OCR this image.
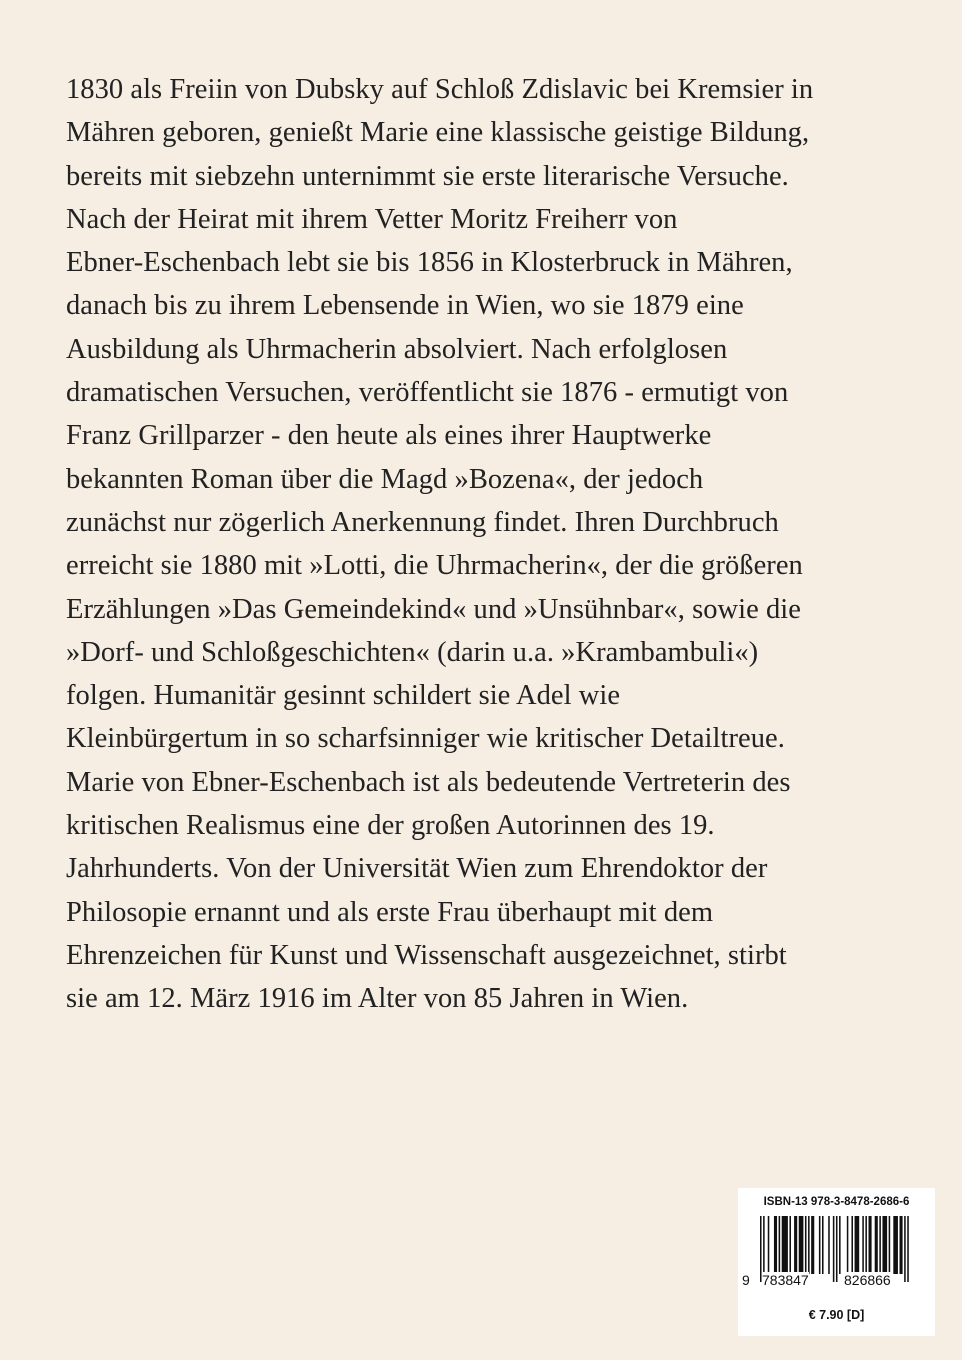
1830 als Freiin von Dubsky auf Schloß Zdislavic bei Kremsier in
Mähren geboren, genießt Marie eine klassische geistige Bildung,
bereits mit siebzehn unternimmt sie erste literarische Versuche.
Nach der Heirat mit ihrem Vetter Moritz Freiherr von
Ebner-Eschenbach lebt sie bis 1856 in Klosterbruck in Mähren,
danach bis zu ihrem Lebensende in Wien, wo sie 1879 eine
Ausbildung als Uhrmacherin absolviert. Nach erfolglosen
dramatischen Versuchen, veröffentlicht sie 1876 - ermutigt von
Franz Grillparzer - den heute als eines ihrer Hauptwerke
bekannten Roman über die Magd »Bozena«, der jedoch
zunächst nur zögerlich Anerkennung findet. Ihren Durchbruch
erreicht sie 1880 mit »Lotti, die Uhrmacherin«, der die größeren
Erzählungen »Das Gemeindekind« und »Unsühnbar«, sowie die
»Dorf- und Schloßgeschichten« (darin u.a. »Krambambuli«)
folgen. Humanitär gesinnt schildert sie Adel wie
Kleinbürgertum in so scharfsinniger wie kritischer Detailtreue.
Marie von Ebner-Eschenbach ist als bedeutende Vertreterin des
kritischen Realismus eine der großen Autorinnen des 19.
Jahrhunderts. Von der Universität Wien zum Ehrendoktor der
Philosopie ernannt und als erste Frau überhaupt mit dem
Ehrenzeichen für Kunst und Wissenschaft ausgezeichnet, stirbt
sie am 12. März 1916 im Alter von 85 Jahren in Wien.

ISBN-13 978-3-8478-2686-6
9 783847	826866
€ 7.90 [D]
